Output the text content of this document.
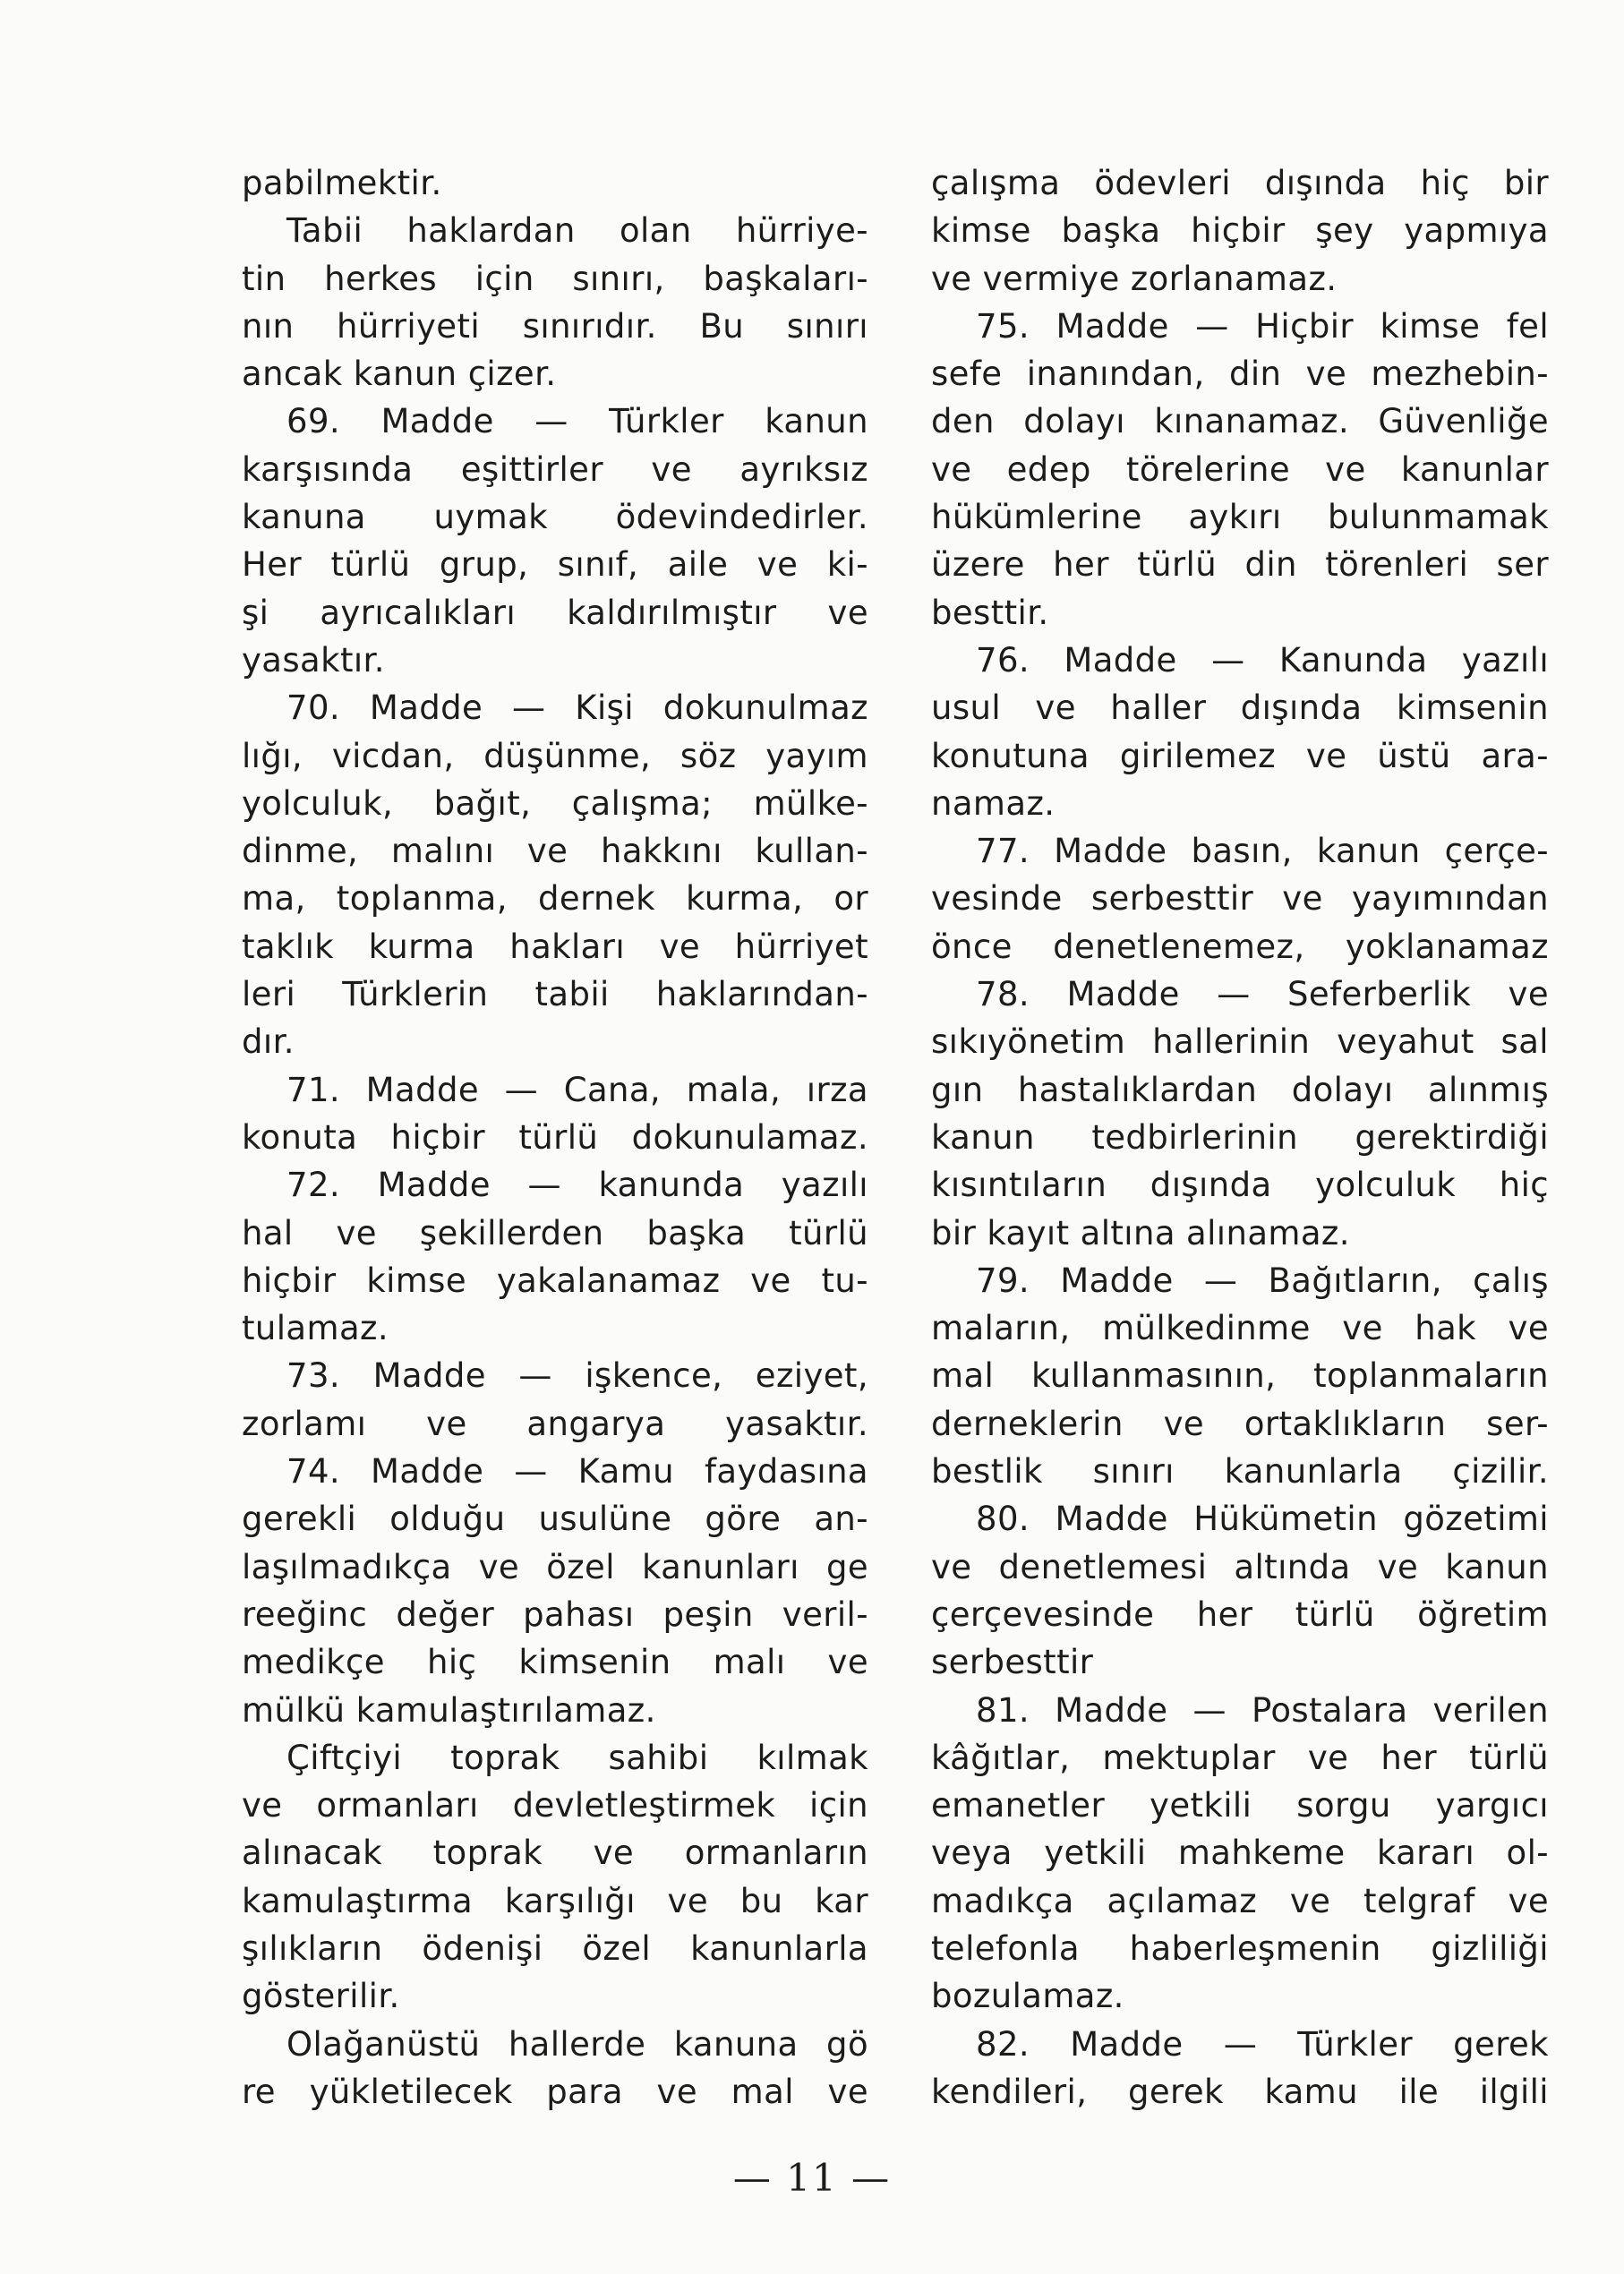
pabilmektir.
Tabii haklardan olan hürriye-
tin herkes için sınırı, başkaları-
nın hürriyeti sınırıdır. Bu sınırı
ancak kanun çizer.
69. Madde — Türkler kanun
karşısında eşittirler ve ayrıksız
kanuna uymak ödevindedirler.
Her türlü grup, sınıf, aile ve ki-
şi ayrıcalıkları kaldırılmıştır ve
yasaktır.
70. Madde — Kişi dokunulmaz
lığı, vicdan, düşünme, söz yayım
yolculuk, bağıt, çalışma; mülke-
dinme, malını ve hakkını kullan-
ma, toplanma, dernek kurma, or
taklık kurma hakları ve hürriyet
leri Türklerin tabii haklarından-
dır.
71. Madde — Cana, mala, ırza
konuta hiçbir türlü dokunulamaz.
72. Madde — kanunda yazılı
hal ve şekillerden başka türlü
hiçbir kimse yakalanamaz ve tu-
tulamaz.
73. Madde — işkence, eziyet,
zorlamı ve angarya yasaktır.
74. Madde — Kamu faydasına
gerekli olduğu usulüne göre an-
laşılmadıkça ve özel kanunları ge
reeğinc değer pahası peşin veril-
medikçe hiç kimsenin malı ve
mülkü kamulaştırılamaz.
Çiftçiyi toprak sahibi kılmak
ve ormanları devletleştirmek için
alınacak toprak ve ormanların
kamulaştırma karşılığı ve bu kar
şılıkların ödenişi özel kanunlarla
gösterilir.
Olağanüstü hallerde kanuna gö
re yükletilecek para ve mal ve
çalışma ödevleri dışında hiç bir
kimse başka hiçbir şey yapmıya
ve vermiye zorlanamaz.
75. Madde — Hiçbir kimse fel
sefe inanından, din ve mezhebin-
den dolayı kınanamaz. Güvenliğe
ve edep törelerine ve kanunlar
hükümlerine aykırı bulunmamak
üzere her türlü din törenleri ser
besttir.
76. Madde — Kanunda yazılı
usul ve haller dışında kimsenin
konutuna girilemez ve üstü ara-
namaz.
77. Madde basın, kanun çerçe-
vesinde serbesttir ve yayımından
önce denetlenemez, yoklanamaz
78. Madde — Seferberlik ve
sıkıyönetim hallerinin veyahut sal
gın hastalıklardan dolayı alınmış
kanun tedbirlerinin gerektirdiği
kısıntıların dışında yolculuk hiç
bir kayıt altına alınamaz.
79. Madde — Bağıtların, çalış
maların, mülkedinme ve hak ve
mal kullanmasının, toplanmaların
derneklerin ve ortaklıkların ser-
bestlik sınırı kanunlarla çizilir.
80. Madde Hükümetin gözetimi
ve denetlemesi altında ve kanun
çerçevesinde her türlü öğretim
serbesttir
81. Madde — Postalara verilen
kâğıtlar, mektuplar ve her türlü
emanetler yetkili sorgu yargıcı
veya yetkili mahkeme kararı ol-
madıkça açılamaz ve telgraf ve
telefonla haberleşmenin gizliliği
bozulamaz.
82. Madde — Türkler gerek
kendileri, gerek kamu ile ilgili
— 11 —
